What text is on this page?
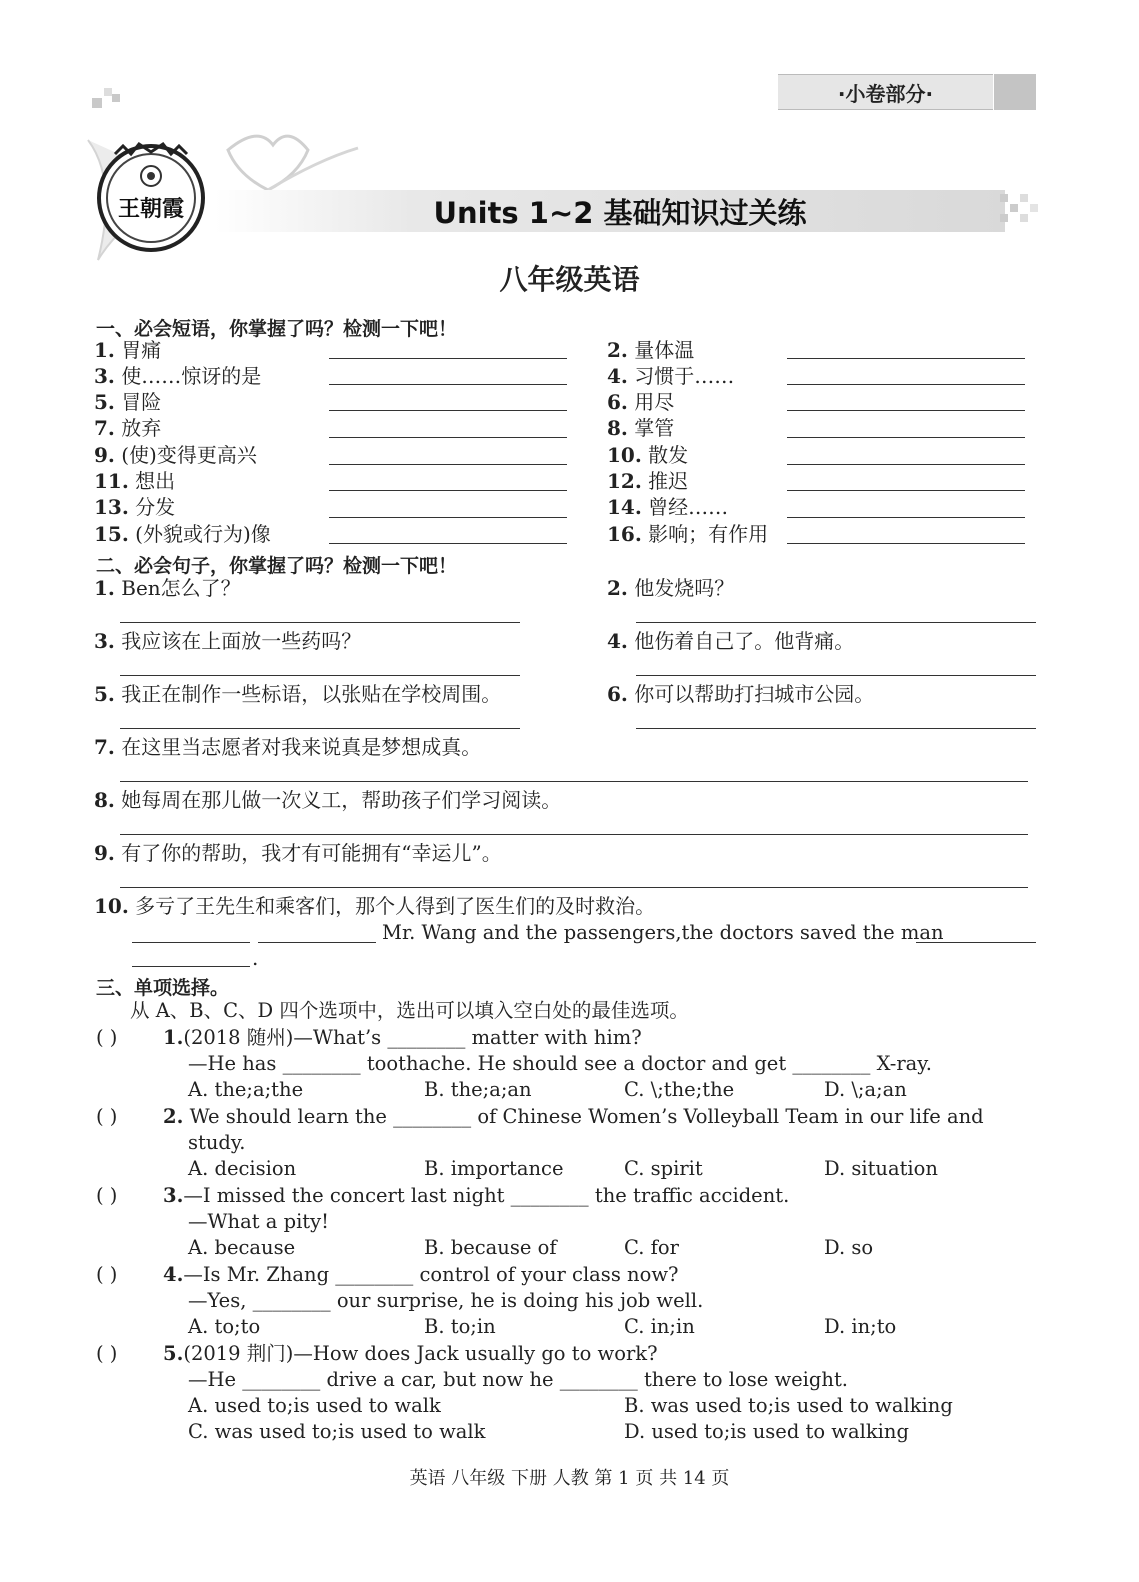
·小卷部分·
王朝霞	Units 1~2 基础知识过关练
八年级英语
一、必会短语，你掌握了吗？检测一下吧！
1. 胃痛	2. 量体温
3. 使……惊讶的是	4. 习惯于……
5. 冒险	6. 用尽
7. 放弃	8. 掌管
9. (使)变得更高兴	10. 散发
11. 想出	12. 推迟
13. 分发	14. 曾经……
15. (外貌或行为)像	16. 影响；有作用
二、必会句子，你掌握了吗？检测一下吧！
1. Ben怎么了？	2. 他发烧吗？
3. 我应该在上面放一些药吗？	4. 他伤着自己了。他背痛。
5. 我正在制作一些标语，以张贴在学校周围。	6. 你可以帮助打扫城市公园。
7. 在这里当志愿者对我来说真是梦想成真。
8. 她每周在那儿做一次义工，帮助孩子们学习阅读。
9. 有了你的帮助，我才有可能拥有“幸运儿”。
10. 多亏了王先生和乘客们，那个人得到了医生们的及时救治。
Mr. Wang and the passengers,the doctors saved the man
.
三、单项选择。
从 A、B、C、D 四个选项中，选出可以填入空白处的最佳选项。
( ) 1.(2018 随州)—What’s ________ matter with him?
—He has ________ toothache. He should see a doctor and get ________ X-ray.
A. the;a;the	B. the;a;an	C. \;the;the	D. \;a;an
( ) 2. We should learn the ________ of Chinese Women’s Volleyball Team in our life and
study.
A. decision	B. importance	C. spirit	D. situation
( ) 3.—I missed the concert last night ________ the traffic accident.
—What a pity!
A. because	B. because of	C. for	D. so
( ) 4.—Is Mr. Zhang ________ control of your class now?
—Yes, ________ our surprise, he is doing his job well.
A. to;to	B. to;in	C. in;in	D. in;to
( ) 5.(2019 荆门)—How does Jack usually go to work?
—He ________ drive a car, but now he ________ there to lose weight.
A. used to;is used to walk	B. was used to;is used to walking
C. was used to;is used to walk	D. used to;is used to walking
英语 八年级 下册 人教 第 1 页 共 14 页
